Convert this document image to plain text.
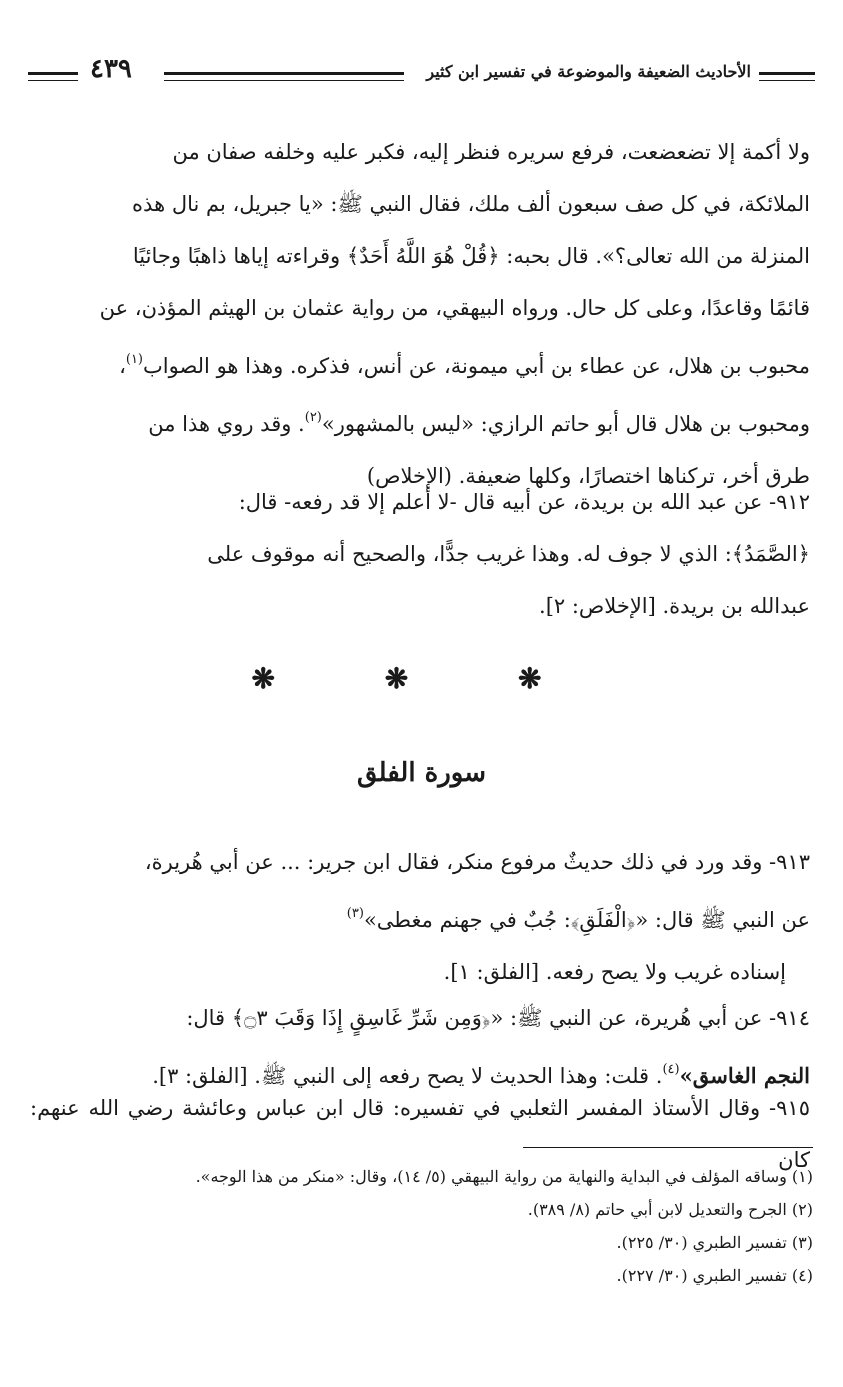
الأحاديث الضعيفة والموضوعة في تفسير ابن كثير
٤٣٩

ولا أكمة إلا تضعضعت، فرفع سريره فنظر إليه، فكبر عليه وخلفه صفان من

الملائكة، في كل صف سبعون ألف ملك، فقال النبي ﷺ: «يا جبريل، بم نال هذه

المنزلة من الله تعالى؟». قال بحبه: ﴿قُلْ هُوَ اللَّهُ أَحَدٌ﴾ وقراءته إياها ذاهبًا وجائيًا

قائمًا وقاعدًا، وعلى كل حال. ورواه البيهقي، من رواية عثمان بن الهيثم المؤذن، عن

محبوب بن هلال، عن عطاء بن أبي ميمونة، عن أنس، فذكره. وهذا هو الصواب$^{(١)}$،

ومحبوب بن هلال قال أبو حاتم الرازي: «ليس بالمشهور»$^{(٢)}$. وقد روي هذا من

طرق أخر، تركناها اختصارًا، وكلها ضعيفة. (الإخلاص)

٩١٢- عن عبد الله بن بريدة، عن أبيه قال -لا أعلم إلا قد رفعه- قال:

﴿الصَّمَدُ﴾: الذي لا جوف له. وهذا غريب جدًّا، والصحيح أنه موقوف على

عبدالله بن بريدة. [الإخلاص: ٢].

❋ ❋ ❋
سورة الفلق

٩١٣- وقد ورد في ذلك حديثٌ مرفوع منكر، فقال ابن جرير: ... عن أبي هُريرة،

عن النبي ﷺ قال: «﴿الْفَلَقِ﴾: جُبٌ في جهنم مغطى»$^{(٣)}$

إسناده غريب ولا يصح رفعه. [الفلق: ١].

٩١٤- عن أبي هُريرة، عن النبي ﷺ: «﴿وَمِن شَرِّ غَاسِقٍ إِذَا وَقَبَ ۝٣﴾ قال:

النجم الغاسق»$^{(٤)}$. قلت: وهذا الحديث لا يصح رفعه إلى النبي ﷺ. [الفلق: ٣].

٩١٥- وقال الأستاذ المفسر الثعلبي في تفسيره: قال ابن عباس وعائشة رضي الله عنهم: كان

(١) وساقه المؤلف في البداية والنهاية من رواية البيهقي (٥/ ١٤)، وقال: «منكر من هذا الوجه».
(٢) الجرح والتعديل لابن أبي حاتم (٨/ ٣٨٩).
(٣) تفسير الطبري (٣٠/ ٢٢٥).
(٤) تفسير الطبري (٣٠/ ٢٢٧).
